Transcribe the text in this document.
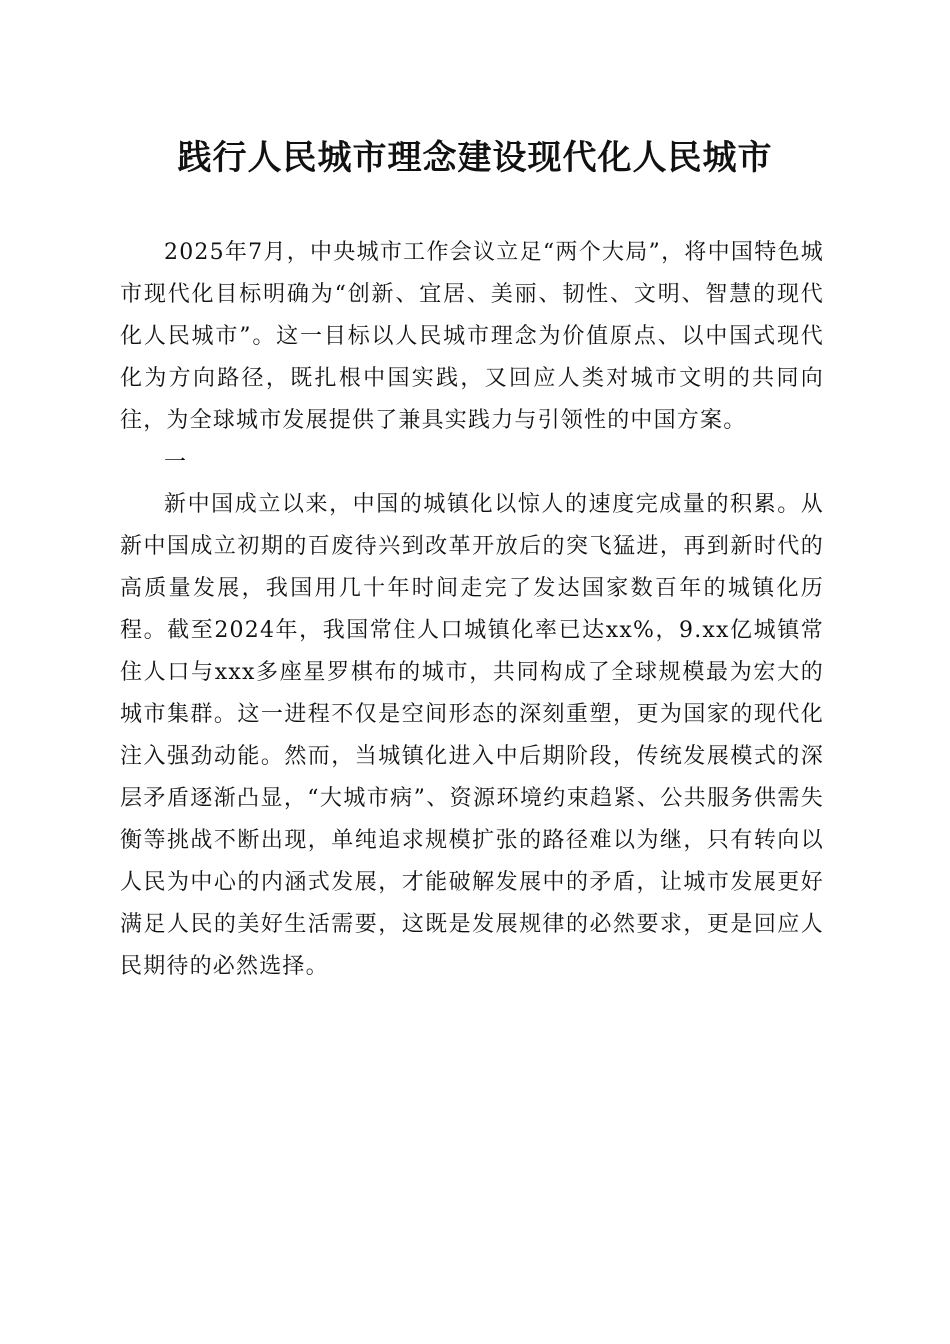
践行人民城市理念建设现代化人民城市

2025年7月，中央城市工作会议立足“两个大局”，将中国特色城市现代化目标明确为“创新、宜居、美丽、韧性、文明、智慧的现代化人民城市”。这一目标以人民城市理念为价值原点、以中国式现代化为方向路径，既扎根中国实践，又回应人类对城市文明的共同向往，为全球城市发展提供了兼具实践力与引领性的中国方案。

一

新中国成立以来，中国的城镇化以惊人的速度完成量的积累。从新中国成立初期的百废待兴到改革开放后的突飞猛进，再到新时代的高质量发展，我国用几十年时间走完了发达国家数百年的城镇化历程。截至2024年，我国常住人口城镇化率已达xx%，9.xx亿城镇常住人口与xxx多座星罗棋布的城市，共同构成了全球规模最为宏大的城市集群。这一进程不仅是空间形态的深刻重塑，更为国家的现代化注入强劲动能。然而，当城镇化进入中后期阶段，传统发展模式的深层矛盾逐渐凸显，“大城市病”、资源环境约束趋紧、公共服务供需失衡等挑战不断出现，单纯追求规模扩张的路径难以为继，只有转向以人民为中心的内涵式发展，才能破解发展中的矛盾，让城市发展更好满足人民的美好生活需要，这既是发展规律的必然要求，更是回应人民期待的必然选择。
